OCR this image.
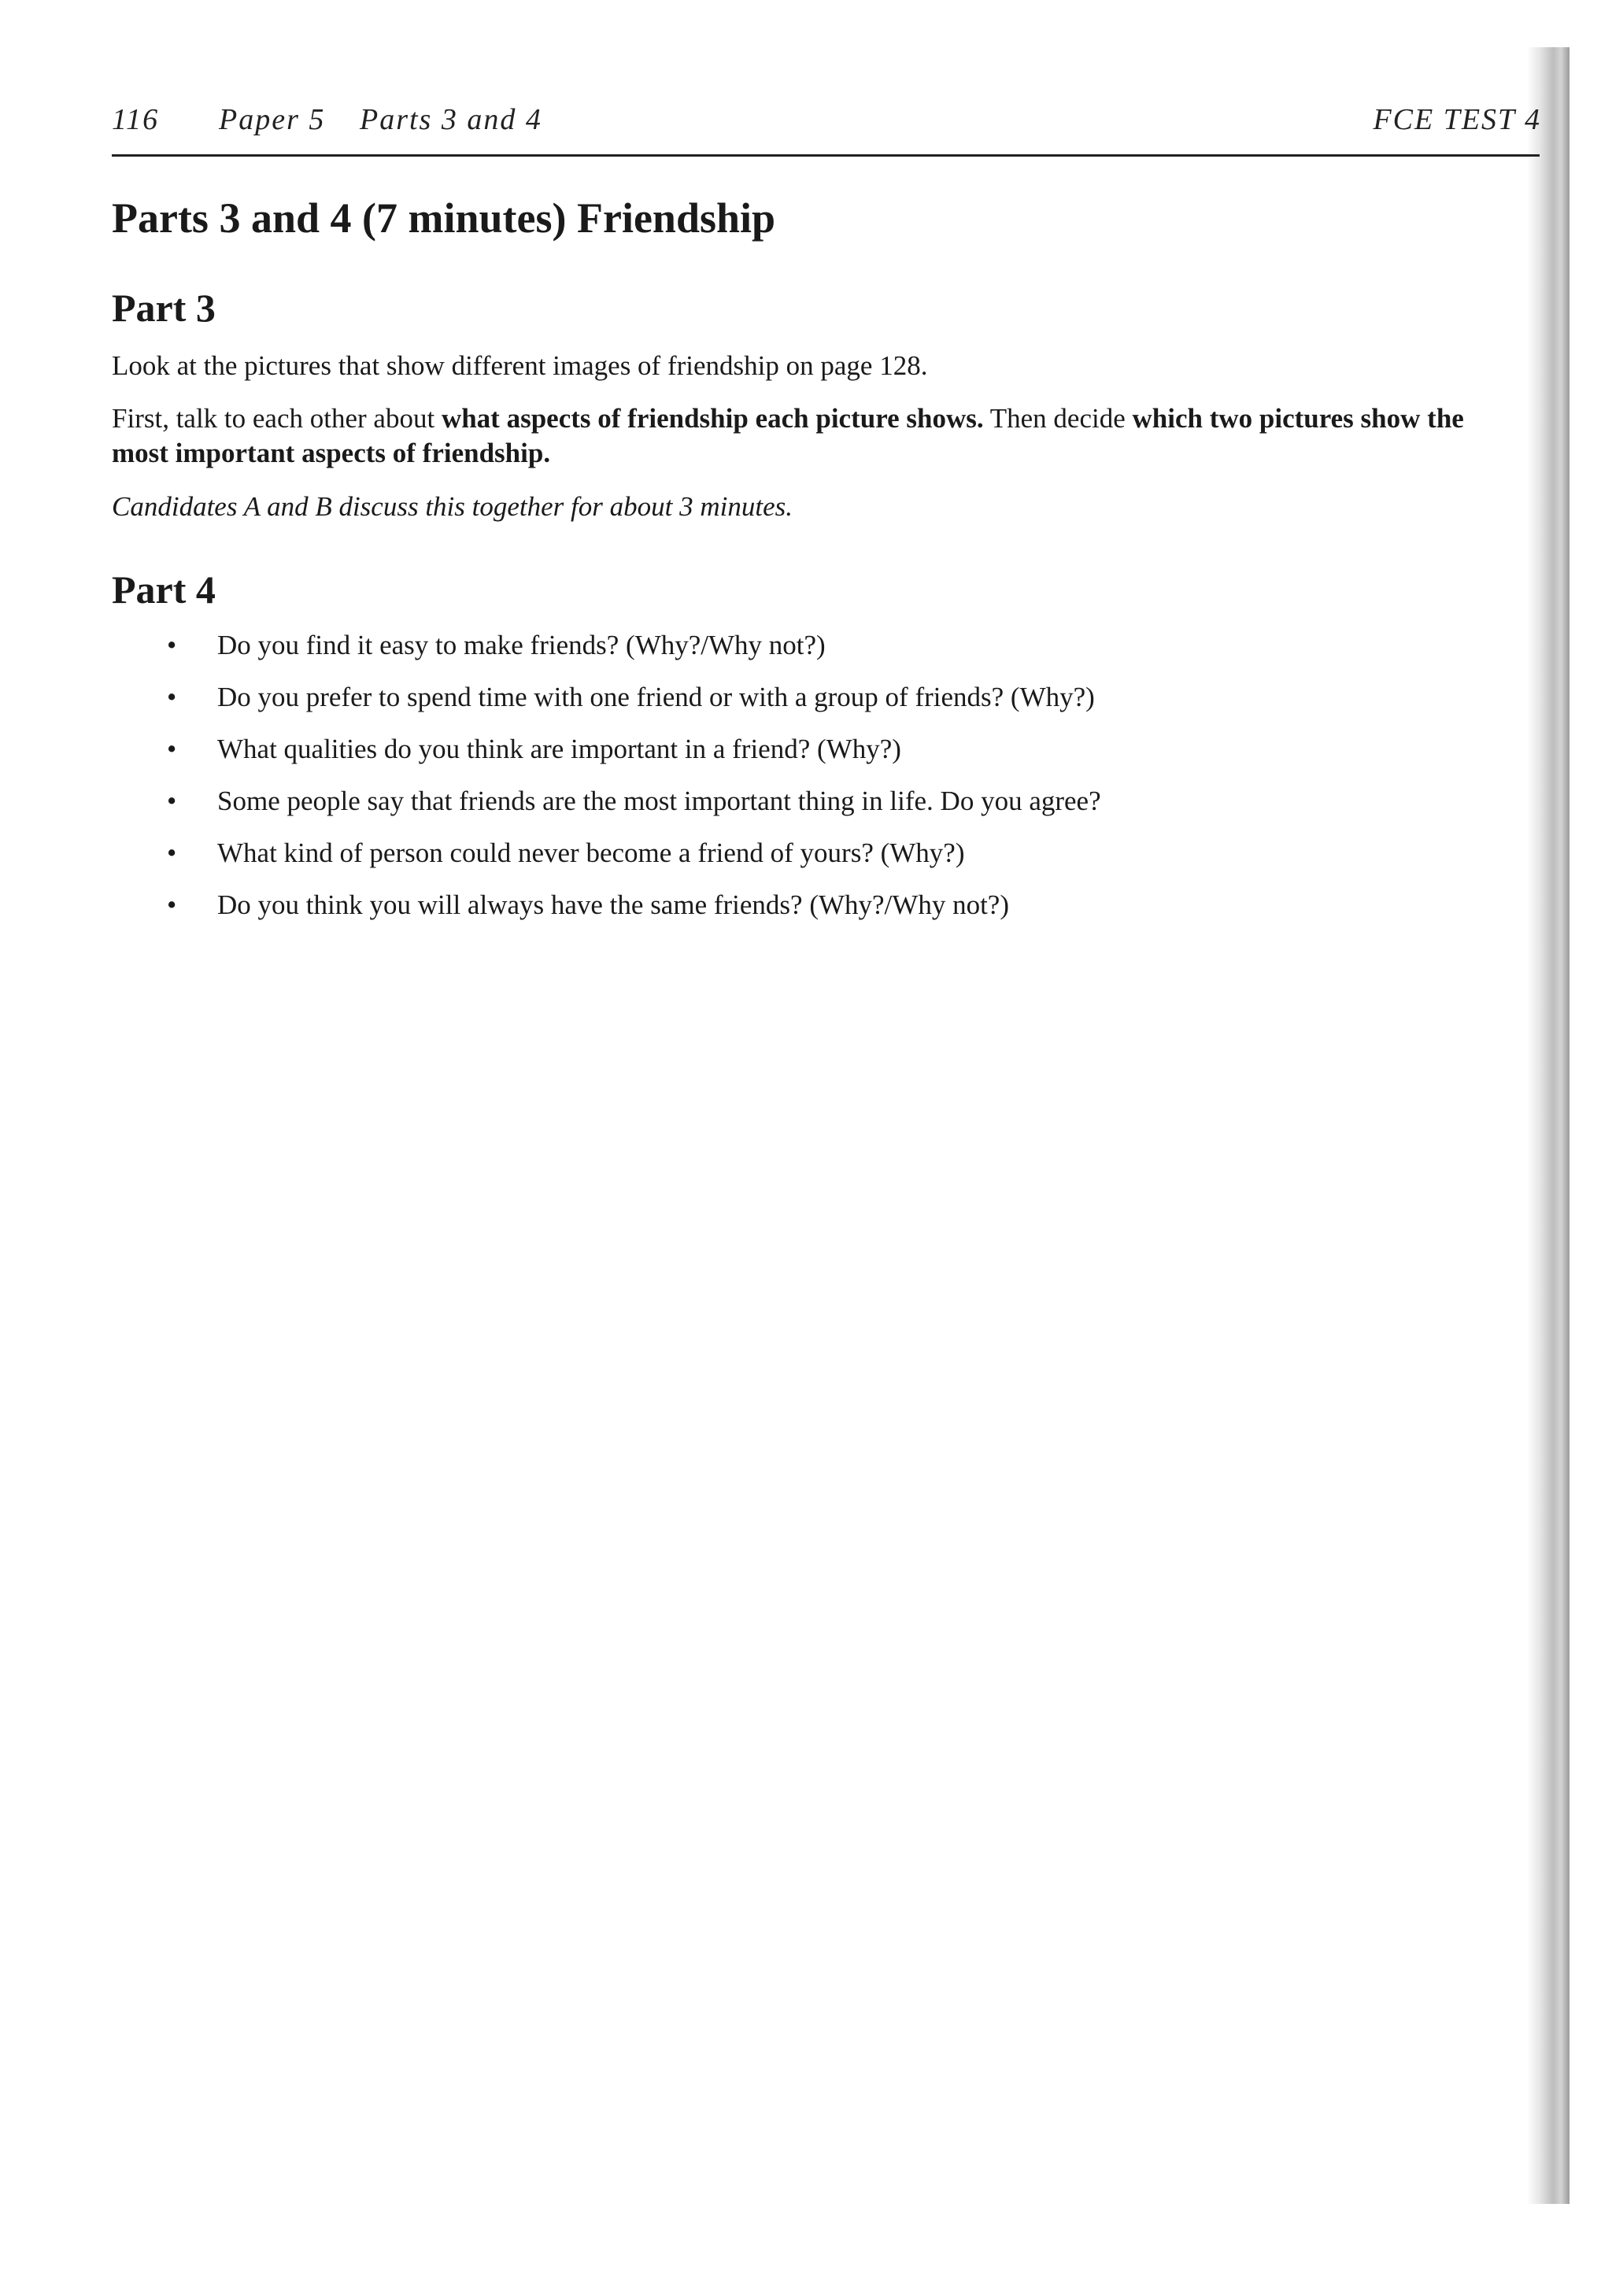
116 Paper 5 Parts 3 and 4	FCE TEST 4
Parts 3 and 4 (7 minutes) Friendship
Part 3

Look at the pictures that show different images of friendship on page 128.

First, talk to each other about what aspects of friendship each picture shows. Then decide which two pictures show the most important aspects of friendship.

Candidates A and B discuss this together for about 3 minutes.

Part 4
• Do you find it easy to make friends? (Why?/Why not?)
• Do you prefer to spend time with one friend or with a group of friends? (Why?)
• What qualities do you think are important in a friend? (Why?)
• Some people say that friends are the most important thing in life. Do you agree?
• What kind of person could never become a friend of yours? (Why?)
• Do you think you will always have the same friends? (Why?/Why not?)
